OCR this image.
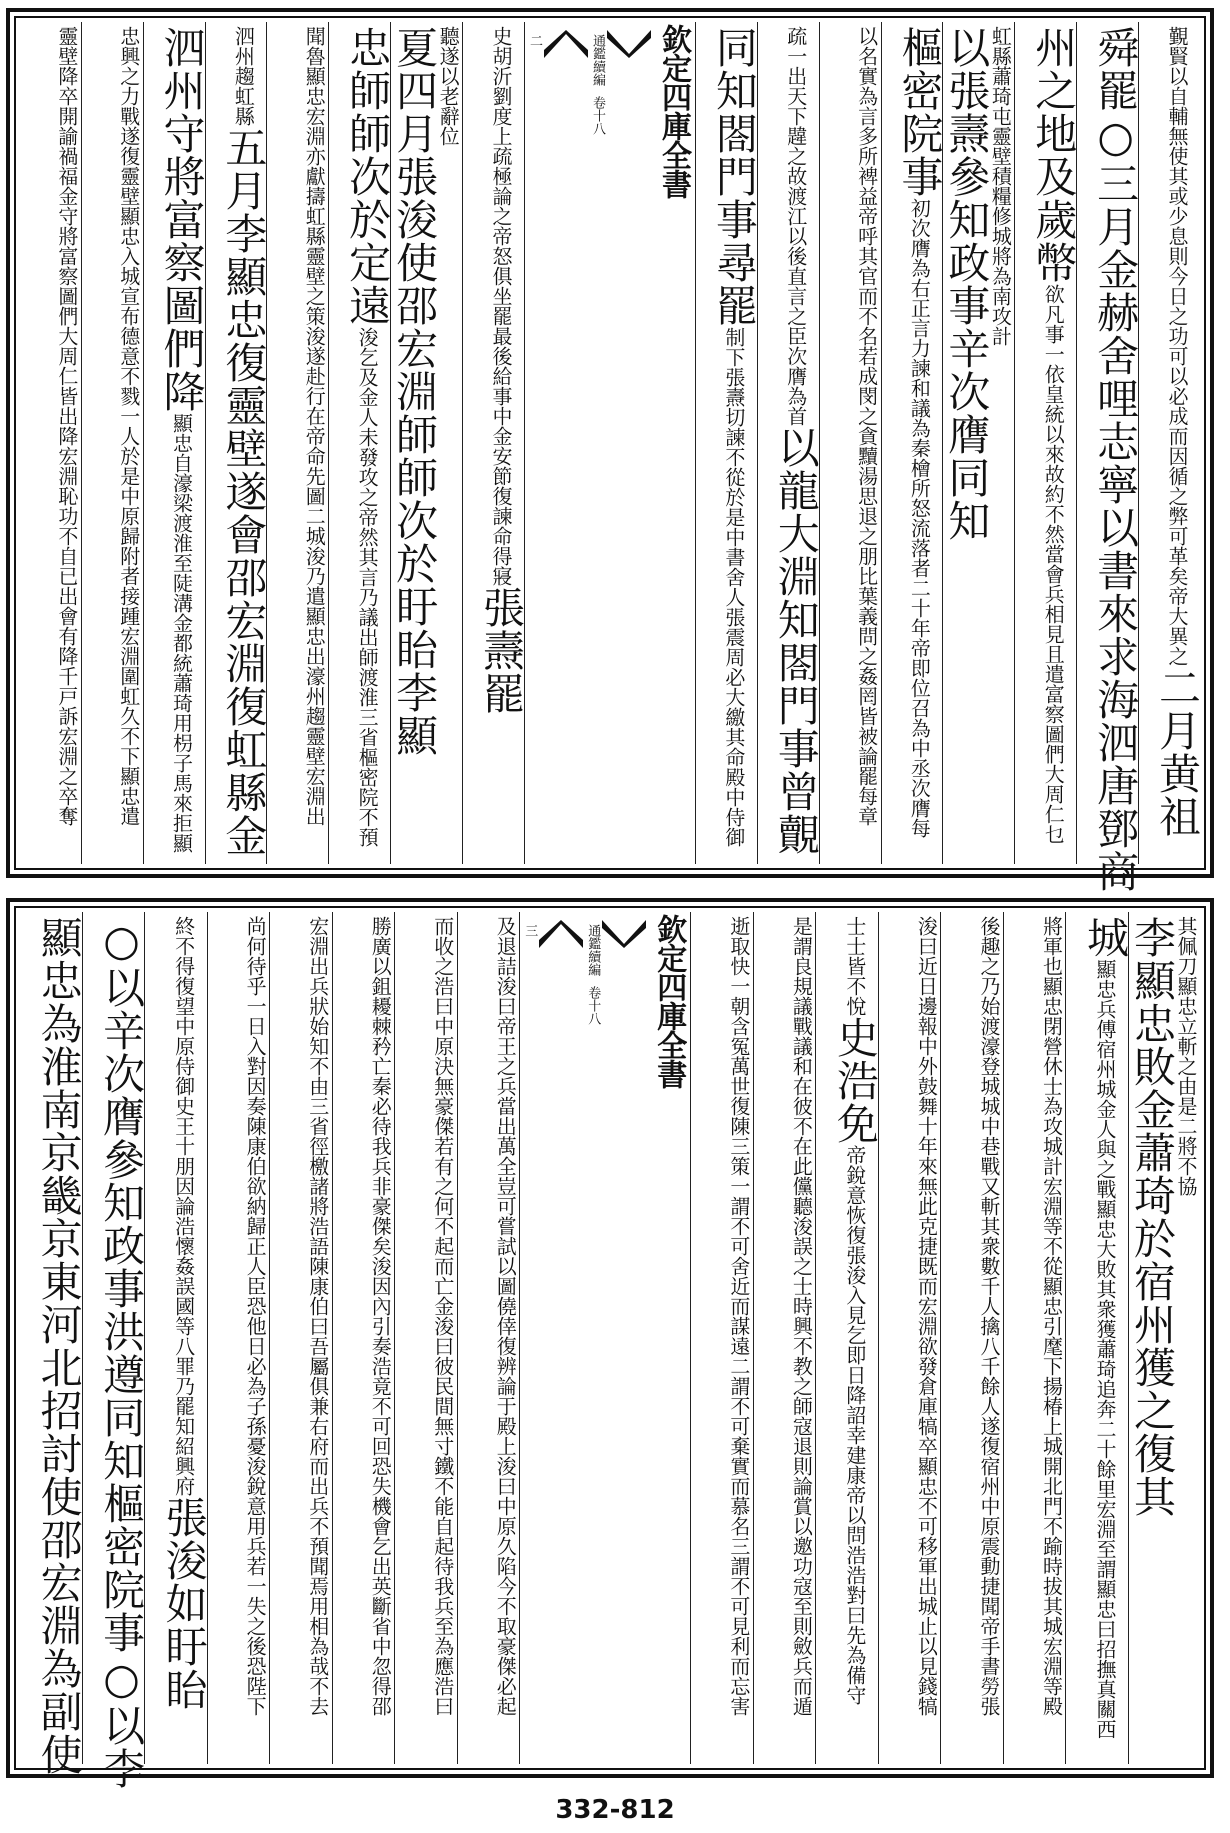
覲賢以自輔無使其或少息則今日之功可以必成而因循之弊可革矣帝大異之二月黄祖
舜罷○三月金赫舍哩志寧以書來求海泗唐鄧商
州之地及歲幣欲凡事一依皇統以來故約不然當會兵相見且遣富察圖們大周仁乜
虹縣蕭琦屯靈壁積糧修城將為南攻計以張燾參知政事辛次膺同知
樞密院事初次膺為右正言力諫和議為秦檜所怒流落者二十年帝即位召為中丞次膺每
以名實為言多所裨益帝呼其官而不名若成閔之貪黷湯思退之朋比葉義問之姦罔皆被論罷每章
疏一出天下韙之故渡江以後直言之臣次膺為首以龍大淵知閤門事曾覿
同知閤門事尋罷制下張燾切諫不從於是中書舍人張震周必大繳其命殿中侍御
欽定四庫全書
通鑑續編卷十八
二
史胡沂劉度上疏極論之帝怒俱坐罷最後給事中金安節復諫命得寢張燾罷
聽遂以老辭位夏四月張浚使邵宏淵師師次於盱眙李顯
忠師師次於定遠浚乞及金人未發攻之帝然其言乃議出師渡淮三省樞密院不預
聞魯顯忠宏淵亦獻擣虹縣靈壁之策浚遂赴行在帝命先圖二城浚乃遣顯忠出濠州趨靈壁宏淵出
泗州趨虹縣五月李顯忠復靈壁遂會邵宏淵復虹縣金
泗州守將富察圖們降顯忠自濠梁渡淮至陡溝金都統蕭琦用枴子馬來拒顯
忠興之力戰遂復靈壁顯忠入城宣布德意不戮一人於是中原歸附者接踵宏淵圍虹久不下顯忠遣
靈壁降卒開諭禍福金守將富察圖們大周仁皆出降宏淵恥功不自已出會有降千戸訴宏淵之卒奪
其佩刀顯忠立斬之由是二將不協李顯忠敗金蕭琦於宿州獲之復其
城顯忠兵傅宿州城金人與之戰顯忠大敗其衆獲蕭琦追奔二十餘里宏淵至謂顯忠曰招撫真關西
將軍也顯忠閉營休士為攻城計宏淵等不從顯忠引麾下揚椿上城開北門不踰時拔其城宏淵等殿
後趣之乃始渡濠登城城中巷戰又斬其衆數千人擒八千餘人遂復宿州中原震動捷聞帝手書勞張
浚曰近日邊報中外鼓舞十年來無此克捷既而宏淵欲發倉庫犒卒顯忠不可移軍出城止以見錢犒
士士皆不悅史浩免帝銳意恢復張浚入見乞即日降詔幸建康帝以問浩浩對曰先為備守
是謂良規議戰議和在彼不在此儻聽浚誤之士時興不教之師寇退則論賞以邀功寇至則斂兵而遁
逝取快一朝含冤萬世復陳三策一謂不可舍近而謀遠二謂不可棄實而慕名三謂不可見利而忘害
欽定四庫全書
通鑑續編卷十八
三
及退詰浚曰帝王之兵當出萬全豈可嘗試以圖僥倖復辨論于殿上浚曰中原久陷今不取豪傑必起
而收之浩曰中原決無豪傑若有之何不起而亡金浚曰彼民間無寸鐵不能自起待我兵至為應浩曰
勝廣以鉏耰棘矜亡秦必待我兵非豪傑矣浚因內引奏浩竟不可回恐失機會乞出英斷省中忽得邵
宏淵出兵狀始知不由三省徑檄諸將浩語陳康伯曰吾屬俱兼右府而出兵不預聞焉用相為哉不去
尚何待乎一日入對因奏陳康伯欲納歸正人臣恐他日必為子孫憂浚銳意用兵若一失之後恐陛下
終不得復望中原侍御史王十朋因論浩懷姦誤國等八罪乃罷知紹興府張浚如盱眙
○以辛次膺參知政事洪遵同知樞密院事○以李
顯忠為淮南京畿京東河北招討使邵宏淵為副使
332-812
